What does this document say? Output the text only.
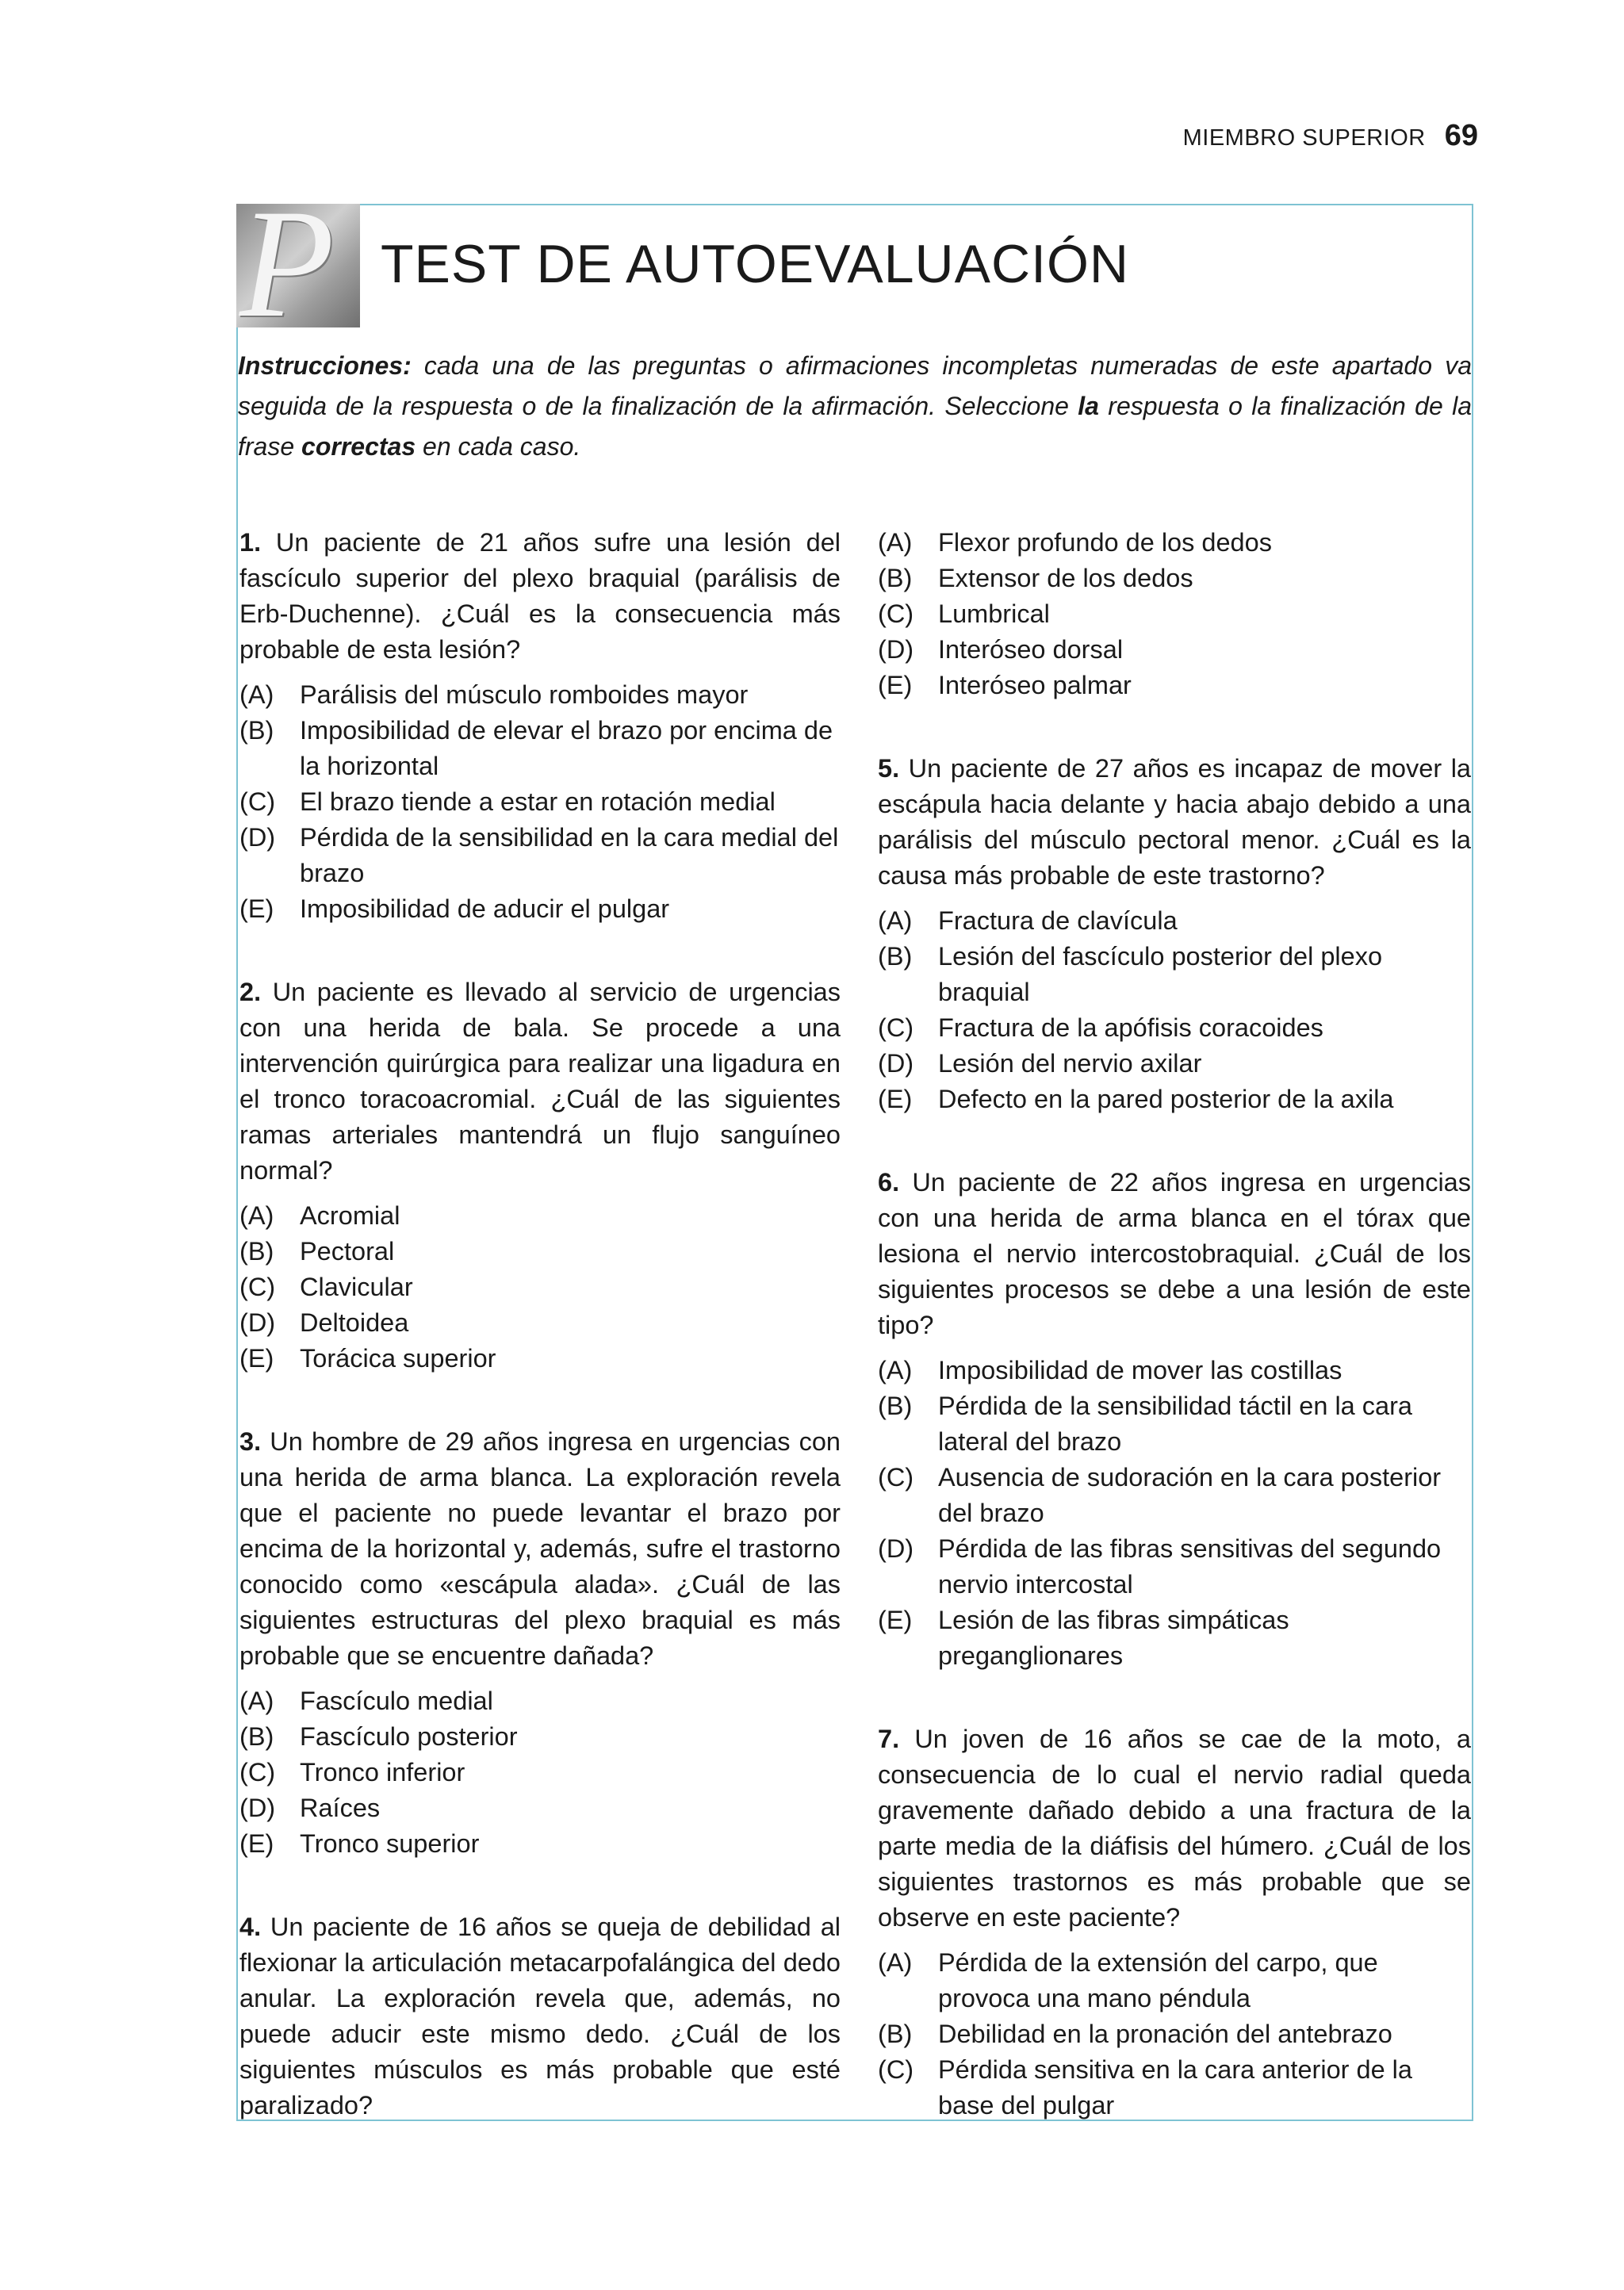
MIEMBRO SUPERIOR 69
P TEST DE AUTOEVALUACIÓN

Instrucciones: cada una de las preguntas o afirmaciones incompletas numeradas de este apartado va seguida de la respuesta o de la finalización de la afirmación. Seleccione la respuesta o la finalización de la frase correctas en cada caso.

1. Un paciente de 21 años sufre una lesión del fascículo superior del plexo braquial (parálisis de Erb-Duchenne). ¿Cuál es la consecuencia más probable de esta lesión?

(A)	Parálisis del músculo romboides mayor
(B)	Imposibilidad de elevar el brazo por encima de la horizontal
(C) El brazo tiende a estar en rotación medial
(D) Pérdida de la sensibilidad en la cara medial del brazo
(E)	Imposibilidad de aducir el pulgar

2. Un paciente es llevado al servicio de urgencias con una herida de bala. Se procede a una intervención quirúrgica para realizar una ligadura en el tronco toracoacromial. ¿Cuál de las siguientes ramas arteriales mantendrá un flujo sanguíneo normal?

(A)	Acromial
(B)	Pectoral
(C) Clavicular
(D) Deltoidea
(E)	Torácica superior

3. Un hombre de 29 años ingresa en urgencias con una herida de arma blanca. La exploración revela que el paciente no puede levantar el brazo por encima de la horizontal y, además, sufre el trastorno conocido como «escápula alada». ¿Cuál de las siguientes estructuras del plexo braquial es más probable que se encuentre dañada?

(A)	Fascículo medial
(B)	Fascículo posterior
(C) Tronco inferior
(D) Raíces
(E)	Tronco superior

4. Un paciente de 16 años se queja de debilidad al flexionar la articulación metacarpofalángica del dedo anular. La exploración revela que, además, no puede aducir este mismo dedo. ¿Cuál de los siguientes músculos es más probable que esté paralizado?

(A)	Flexor profundo de los dedos
(B)	Extensor de los dedos
(C) Lumbrical
(D) Interóseo dorsal
(E)	Interóseo palmar

5. Un paciente de 27 años es incapaz de mover la escápula hacia delante y hacia abajo debido a una parálisis del músculo pectoral menor. ¿Cuál es la causa más probable de este trastorno?

(A)	Fractura de clavícula
(B)	Lesión del fascículo posterior del plexo braquial
(C) Fractura de la apófisis coracoides
(D) Lesión del nervio axilar
(E)	Defecto en la pared posterior de la axila

6. Un paciente de 22 años ingresa en urgencias con una herida de arma blanca en el tórax que lesiona el nervio intercostobraquial. ¿Cuál de los siguientes procesos se debe a una lesión de este tipo?

(A)	Imposibilidad de mover las costillas
(B)	Pérdida de la sensibilidad táctil en la cara lateral del brazo
(C) Ausencia de sudoración en la cara posterior del brazo
(D) Pérdida de las fibras sensitivas del segundo nervio intercostal
(E)	Lesión de las fibras simpáticas preganglionares

7. Un joven de 16 años se cae de la moto, a consecuencia de lo cual el nervio radial queda gravemente dañado debido a una fractura de la parte media de la diáfisis del húmero. ¿Cuál de los siguientes trastornos es más probable que se observe en este paciente?

(A)	Pérdida de la extensión del carpo, que provoca una mano péndula
(B)	Debilidad en la pronación del antebrazo
(C) Pérdida sensitiva en la cara anterior de la base del pulgar
